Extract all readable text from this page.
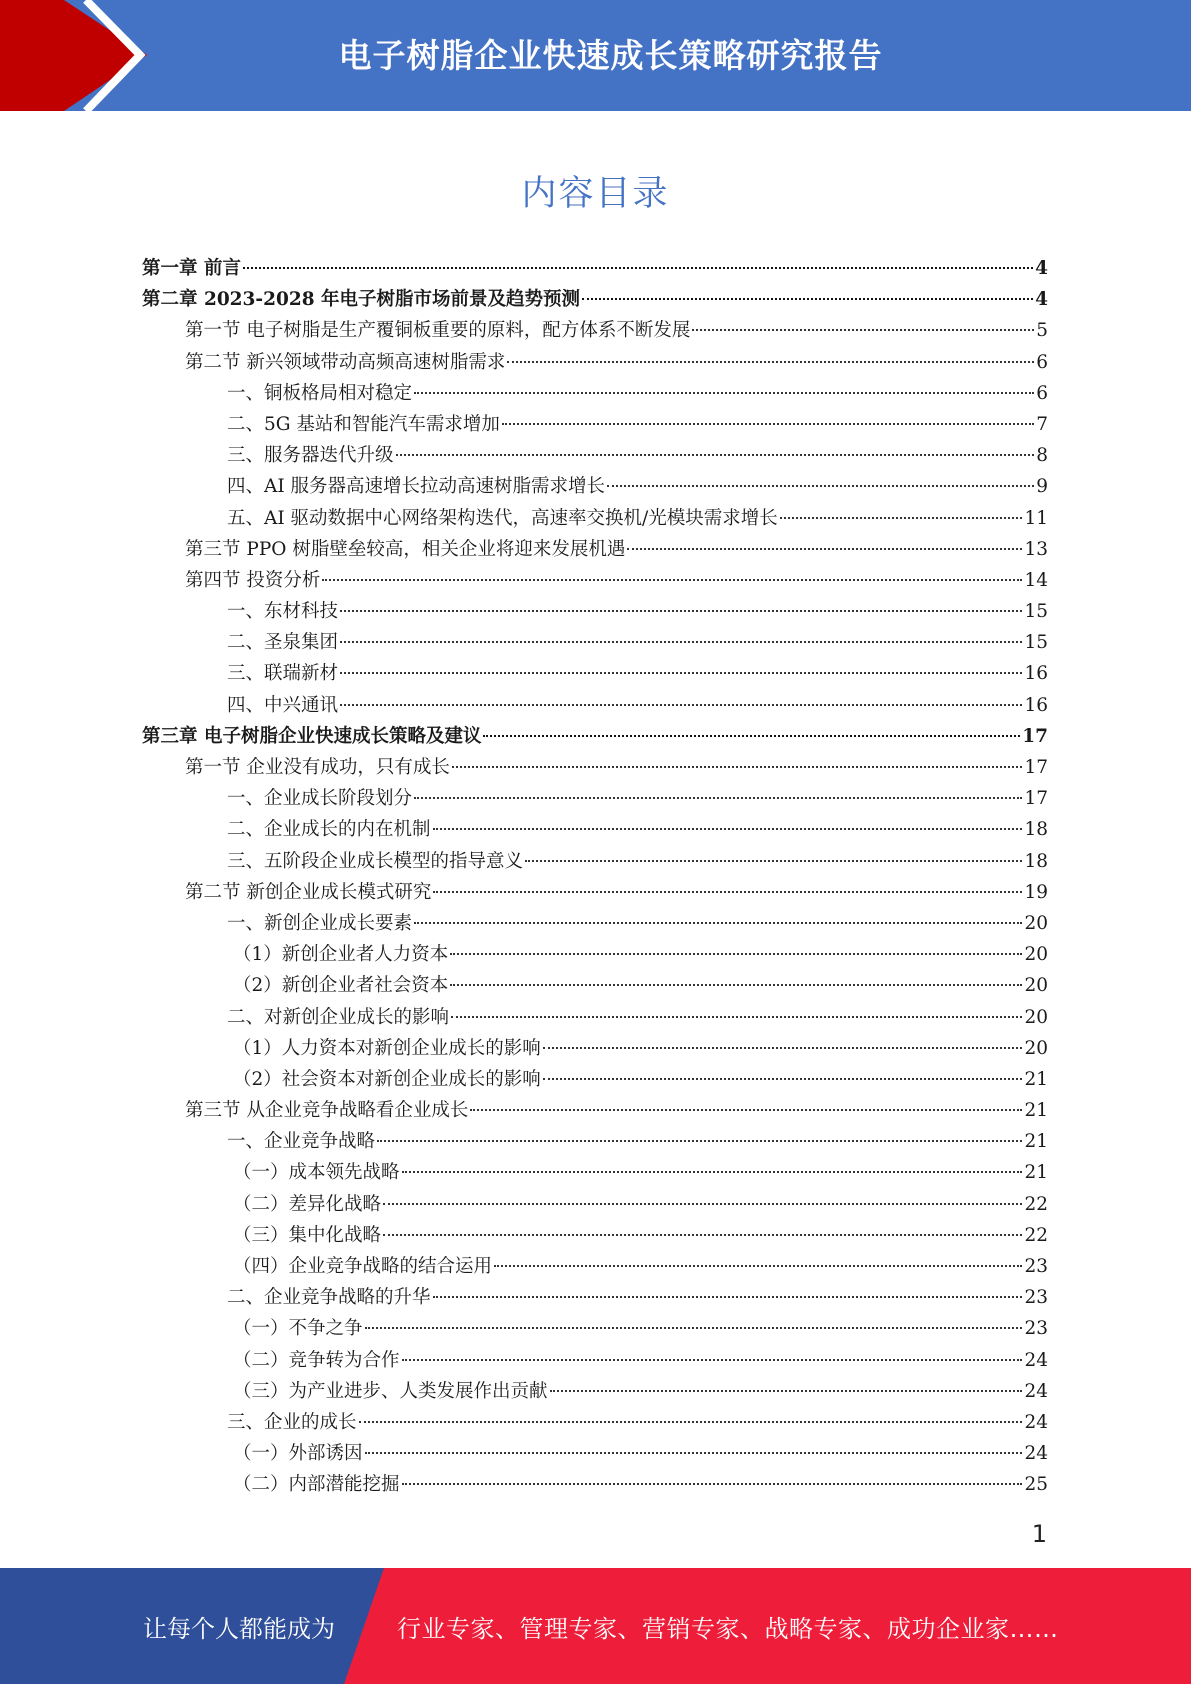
电子树脂企业快速成长策略研究报告
内容目录
第一章 前言	4
第二章 2023-2028 年电子树脂市场前景及趋势预测	4
第一节 电子树脂是生产覆铜板重要的原料，配方体系不断发展	5
第二节 新兴领域带动高频高速树脂需求	6
一、铜板格局相对稳定	6
二、5G 基站和智能汽车需求增加	7
三、服务器迭代升级	8
四、AI 服务器高速增长拉动高速树脂需求增长	9
五、AI 驱动数据中心网络架构迭代，高速率交换机/光模块需求增长	11
第三节 PPO 树脂壁垒较高，相关企业将迎来发展机遇	13
第四节 投资分析	14
一、东材科技	15
二、圣泉集团	15
三、联瑞新材	16
四、中兴通讯	16
第三章 电子树脂企业快速成长策略及建议	17
第一节 企业没有成功，只有成长	17
一、企业成长阶段划分	17
二、企业成长的内在机制	18
三、五阶段企业成长模型的指导意义	18
第二节 新创企业成长模式研究	19
一、新创企业成长要素	20
（1）新创企业者人力资本	20
（2）新创企业者社会资本	20
二、对新创企业成长的影响	20
（1）人力资本对新创企业成长的影响	20
（2）社会资本对新创企业成长的影响	21
第三节 从企业竞争战略看企业成长	21
一、企业竞争战略	21
（一）成本领先战略	21
（二）差异化战略	22
（三）集中化战略	22
（四）企业竞争战略的结合运用	23
二、企业竞争战略的升华	23
（一）不争之争	23
（二）竞争转为合作	24
（三）为产业进步、人类发展作出贡献	24
三、企业的成长	24
（一）外部诱因	24
（二）内部潜能挖掘	25
1
让每个人都能成为	行业专家、管理专家、营销专家、战略专家、成功企业家……
